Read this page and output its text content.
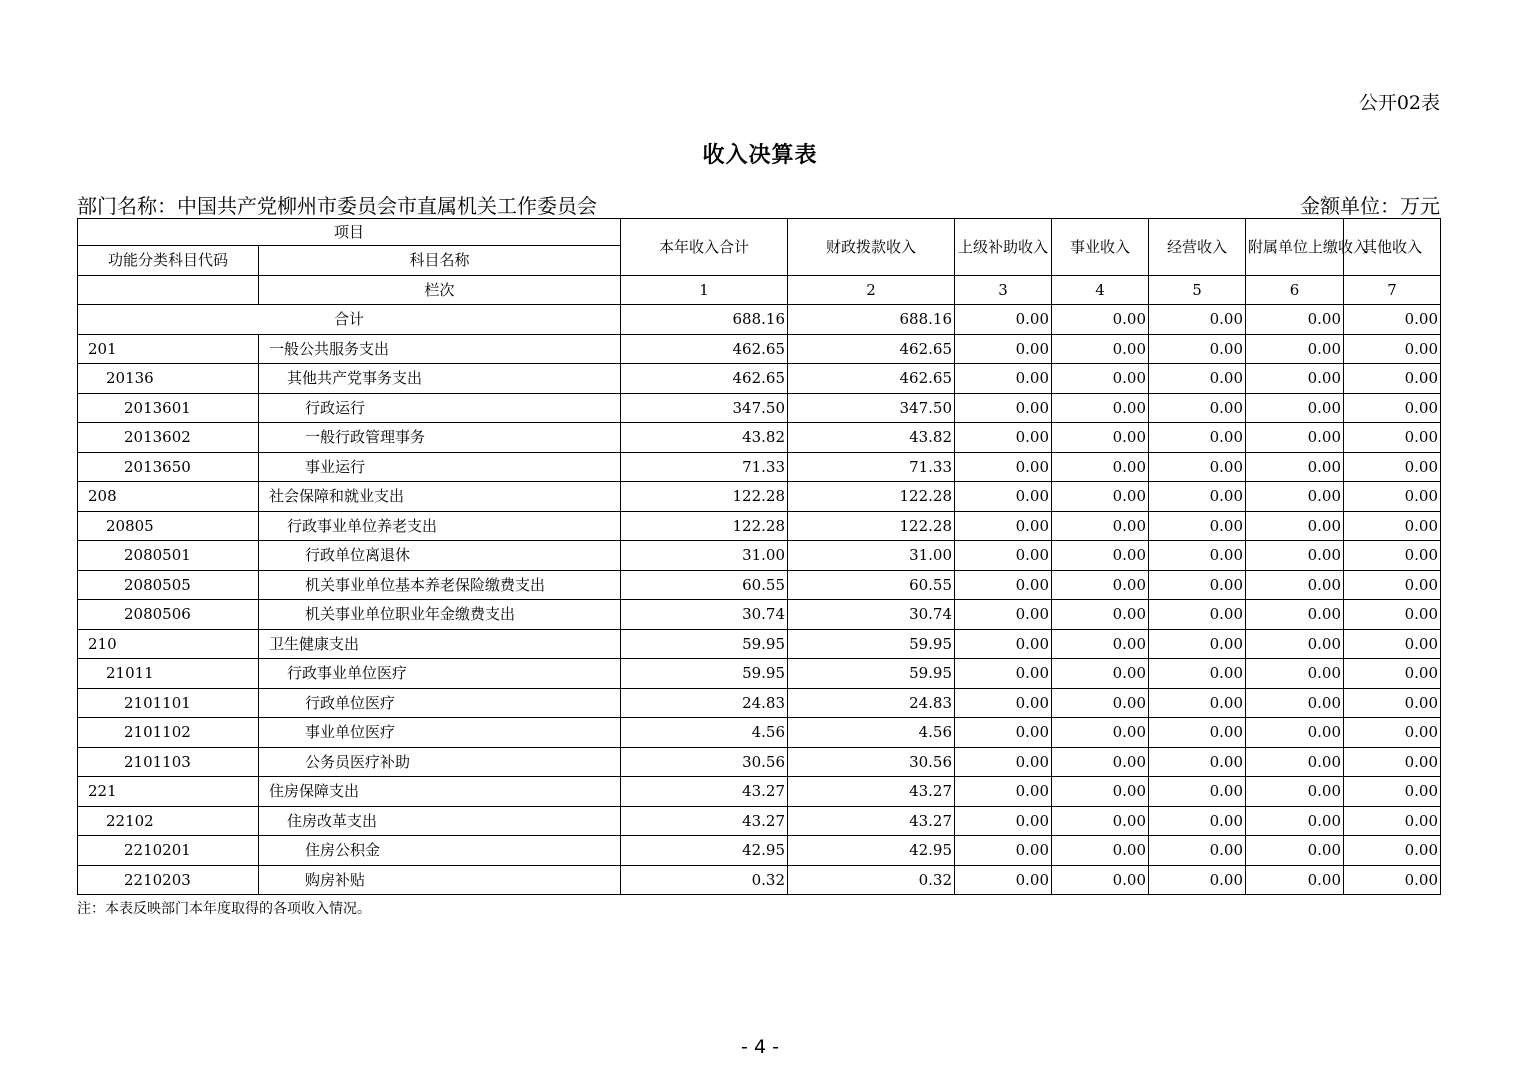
公开02表
收入决算表
部门名称：中国共产党柳州市委员会市直属机关工作委员会	金额单位：万元
项目		本年收入合计	财政拨款收入	上级补助收入	事业收入	经营收入	附属单位上缴收入	其他收入
功能分类科目代码	科目名称							
	栏次	1	2	3	4	5	6	7
合计		688.16	688.16	0.00	0.00	0.00	0.00	0.00
201	一般公共服务支出	462.65	462.65	0.00	0.00	0.00	0.00	0.00
20136	其他共产党事务支出	462.65	462.65	0.00	0.00	0.00	0.00	0.00
2013601	行政运行	347.50	347.50	0.00	0.00	0.00	0.00	0.00
2013602	一般行政管理事务	43.82	43.82	0.00	0.00	0.00	0.00	0.00
2013650	事业运行	71.33	71.33	0.00	0.00	0.00	0.00	0.00
208	社会保障和就业支出	122.28	122.28	0.00	0.00	0.00	0.00	0.00
20805	行政事业单位养老支出	122.28	122.28	0.00	0.00	0.00	0.00	0.00
2080501	行政单位离退休	31.00	31.00	0.00	0.00	0.00	0.00	0.00
2080505	机关事业单位基本养老保险缴费支出	60.55	60.55	0.00	0.00	0.00	0.00	0.00
2080506	机关事业单位职业年金缴费支出	30.74	30.74	0.00	0.00	0.00	0.00	0.00
210	卫生健康支出	59.95	59.95	0.00	0.00	0.00	0.00	0.00
21011	行政事业单位医疗	59.95	59.95	0.00	0.00	0.00	0.00	0.00
2101101	行政单位医疗	24.83	24.83	0.00	0.00	0.00	0.00	0.00
2101102	事业单位医疗	4.56	4.56	0.00	0.00	0.00	0.00	0.00
2101103	公务员医疗补助	30.56	30.56	0.00	0.00	0.00	0.00	0.00
221	住房保障支出	43.27	43.27	0.00	0.00	0.00	0.00	0.00
22102	住房改革支出	43.27	43.27	0.00	0.00	0.00	0.00	0.00
2210201	住房公积金	42.95	42.95	0.00	0.00	0.00	0.00	0.00
2210203	购房补贴	0.32	0.32	0.00	0.00	0.00	0.00	0.00
注：本表反映部门本年度取得的各项收入情况。
- 4 -
